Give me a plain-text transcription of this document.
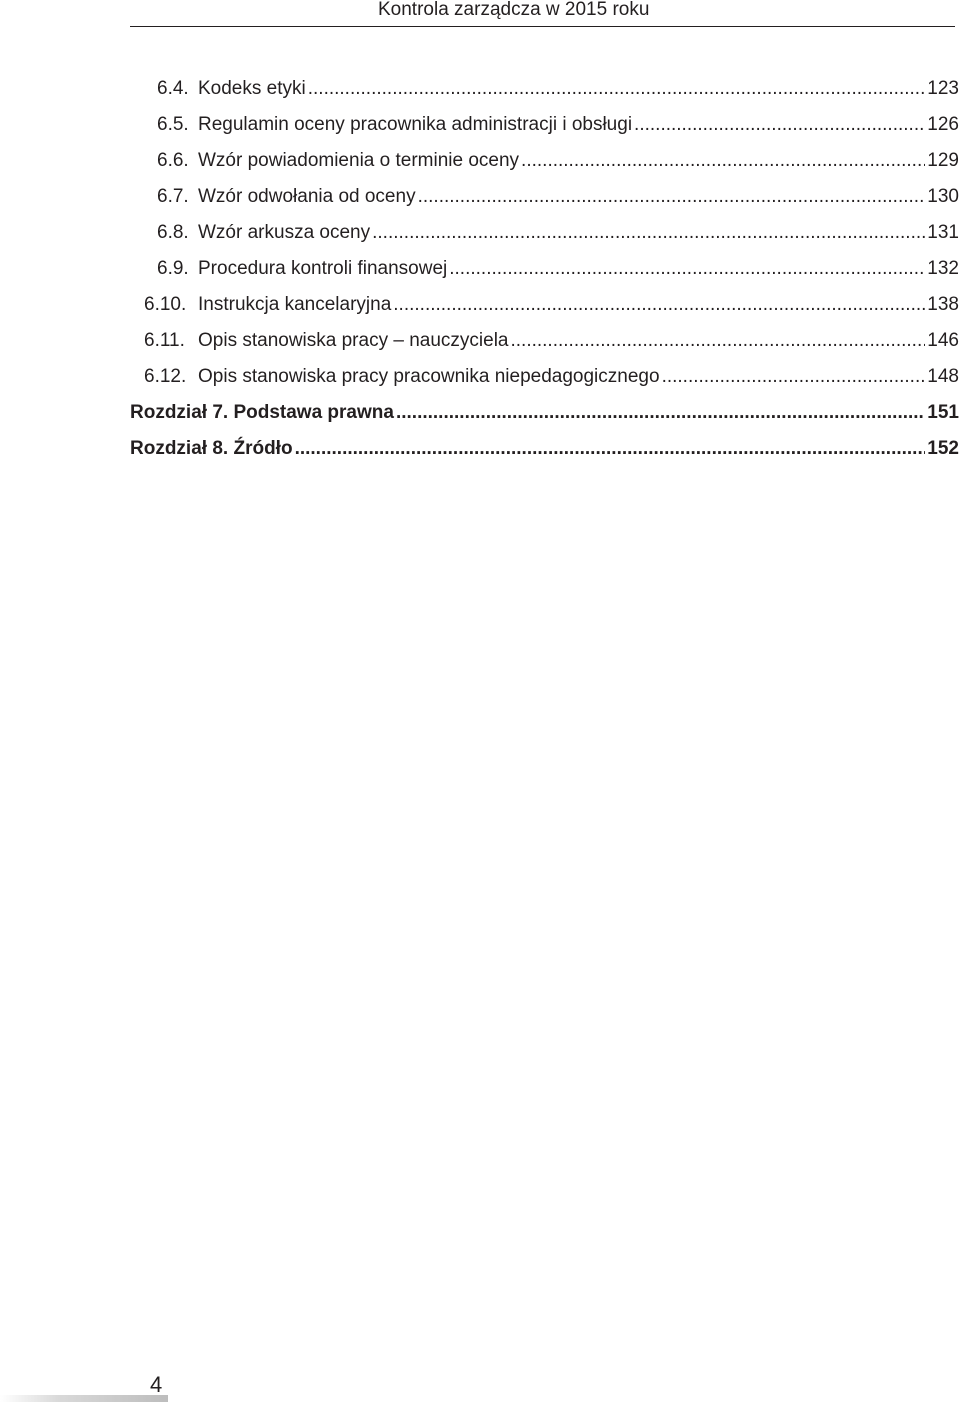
Kontrola zarządcza w 2015 roku
6.4. Kodeks etyki .....	123
6.5. Regulamin oceny pracownika administracji i obsługi .....	126
6.6. Wzór powiadomienia o terminie oceny .....	129
6.7. Wzór odwołania od oceny .....	130
6.8. Wzór arkusza oceny .....	131
6.9. Procedura kontroli finansowej .....	132
6.10. Instrukcja kancelaryjna .....	138
6.11. Opis stanowiska pracy – nauczyciela .....	146
6.12. Opis stanowiska pracy pracownika niepedagogicznego .....	148
Rozdział 7. Podstawa prawna .....	151
Rozdział 8. Źródło .....	152
4
